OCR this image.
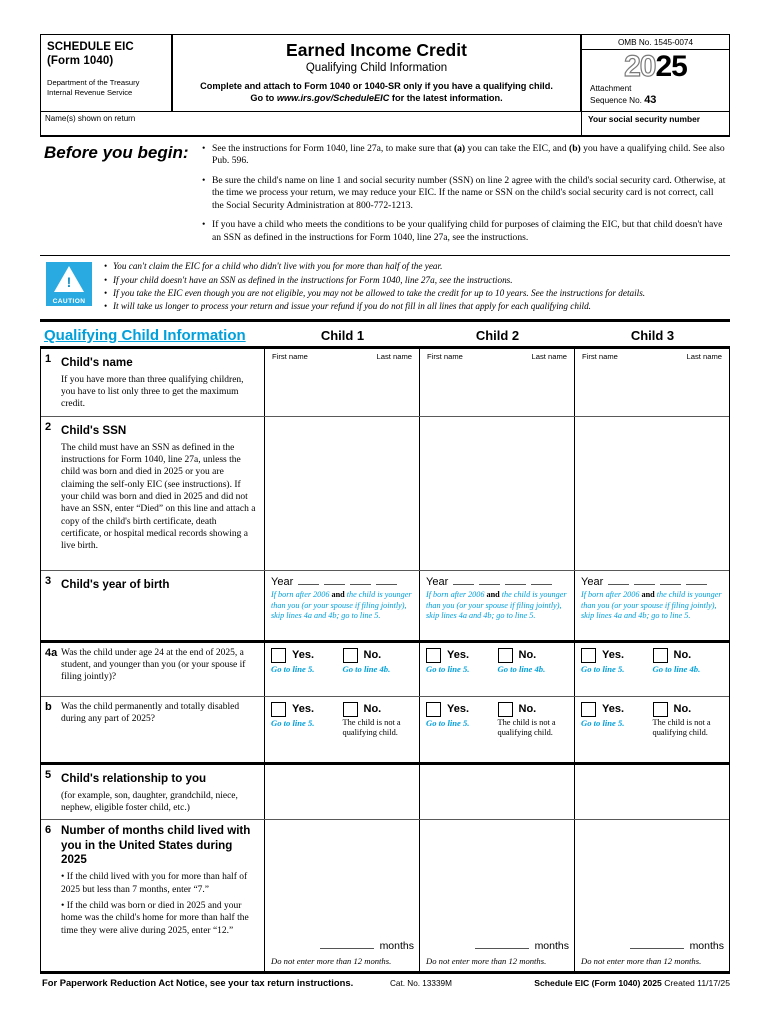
SCHEDULE EIC
(Form 1040)
Department of the Treasury
Internal Revenue Service
Earned Income Credit
Qualifying Child Information
Complete and attach to Form 1040 or 1040-SR only if you have a qualifying child.
Go to www.irs.gov/ScheduleEIC for the latest information.
OMB No. 1545-0074
2025
Attachment
Sequence No. 43
Name(s) shown on return	Your social security number
Before you begin:	• See the instructions for Form 1040, line 27a, to make sure that (a) you can take the EIC, and (b) you have a qualifying child. See also Pub. 596.
• Be sure the child's name on line 1 and social security number (SSN) on line 2 agree with the child's social security card. Otherwise, at the time we process your return, we may reduce your EIC. If the name or SSN on the child's social security card is not correct, call the Social Security Administration at 800-772-1213.
• If you have a child who meets the conditions to be your qualifying child for purposes of claiming the EIC, but that child doesn't have an SSN as defined in the instructions for Form 1040, line 27a, see the instructions.
!
CAUTION
• You can't claim the EIC for a child who didn't live with you for more than half of the year.
• If your child doesn't have an SSN as defined in the instructions for Form 1040, line 27a, see the instructions.
• If you take the EIC even though you are not eligible, you may not be allowed to take the credit for up to 10 years. See the instructions for details.
• It will take us longer to process your return and issue your refund if you do not fill in all lines that apply for each qualifying child.
Qualifying Child Information	Child 1	Child 2	Child 3
1 Child's name
If you have more than three qualifying children, you have to list only three to get the maximum credit.
First name	Last name First name	Last name First name	Last name
2 Child's SSN
The child must have an SSN as defined in the instructions for Form 1040, line 27a, unless the child was born and died in 2025 or you are claiming the self-only EIC (see instructions). If your child was born and died in 2025 and did not have an SSN, enter “Died” on this line and attach a copy of the child's birth certificate, death certificate, or hospital medical records showing a live birth.
3 Child's year of birth	Year
If born after 2006 and the child is younger than you (or your spouse if filing jointly), skip lines 4a and 4b; go to line 5.
Year
If born after 2006 and the child is younger than you (or your spouse if filing jointly), skip lines 4a and 4b; go to line 5.
Year
If born after 2006 and the child is younger than you (or your spouse if filing jointly), skip lines 4a and 4b; go to line 5.
4a Was the child under age 24 at the end of 2025, a student, and younger than you (or your spouse if filing jointly)?
Yes.
Go to line 5.
No.
Go to line 4b.
Yes.
Go to line 5.
No.
Go to line 4b.
Yes.
Go to line 5.
No.
Go to line 4b.
b Was the child permanently and totally disabled during any part of 2025?
Yes.
Go to line 5.
No.
The child is not a qualifying child.
Yes.
Go to line 5.
No.
The child is not a qualifying child.
Yes.
Go to line 5.
No.
The child is not a qualifying child.
5 Child's relationship to you
(for example, son, daughter, grandchild, niece, nephew, eligible foster child, etc.)
6 Number of months child lived with you in the United States during 2025

• If the child lived with you for more than half of 2025 but less than 7 months, enter “7.”

• If the child was born or died in 2025 and your home was the child's home for more than half the time they were alive during 2025, enter “12.”

months
Do not enter more than 12 months.
months
Do not enter more than 12 months.
months
Do not enter more than 12 months.
For Paperwork Reduction Act Notice, see your tax return instructions.	Cat. No. 13339M	Schedule EIC (Form 1040) 2025 Created 11/17/25
